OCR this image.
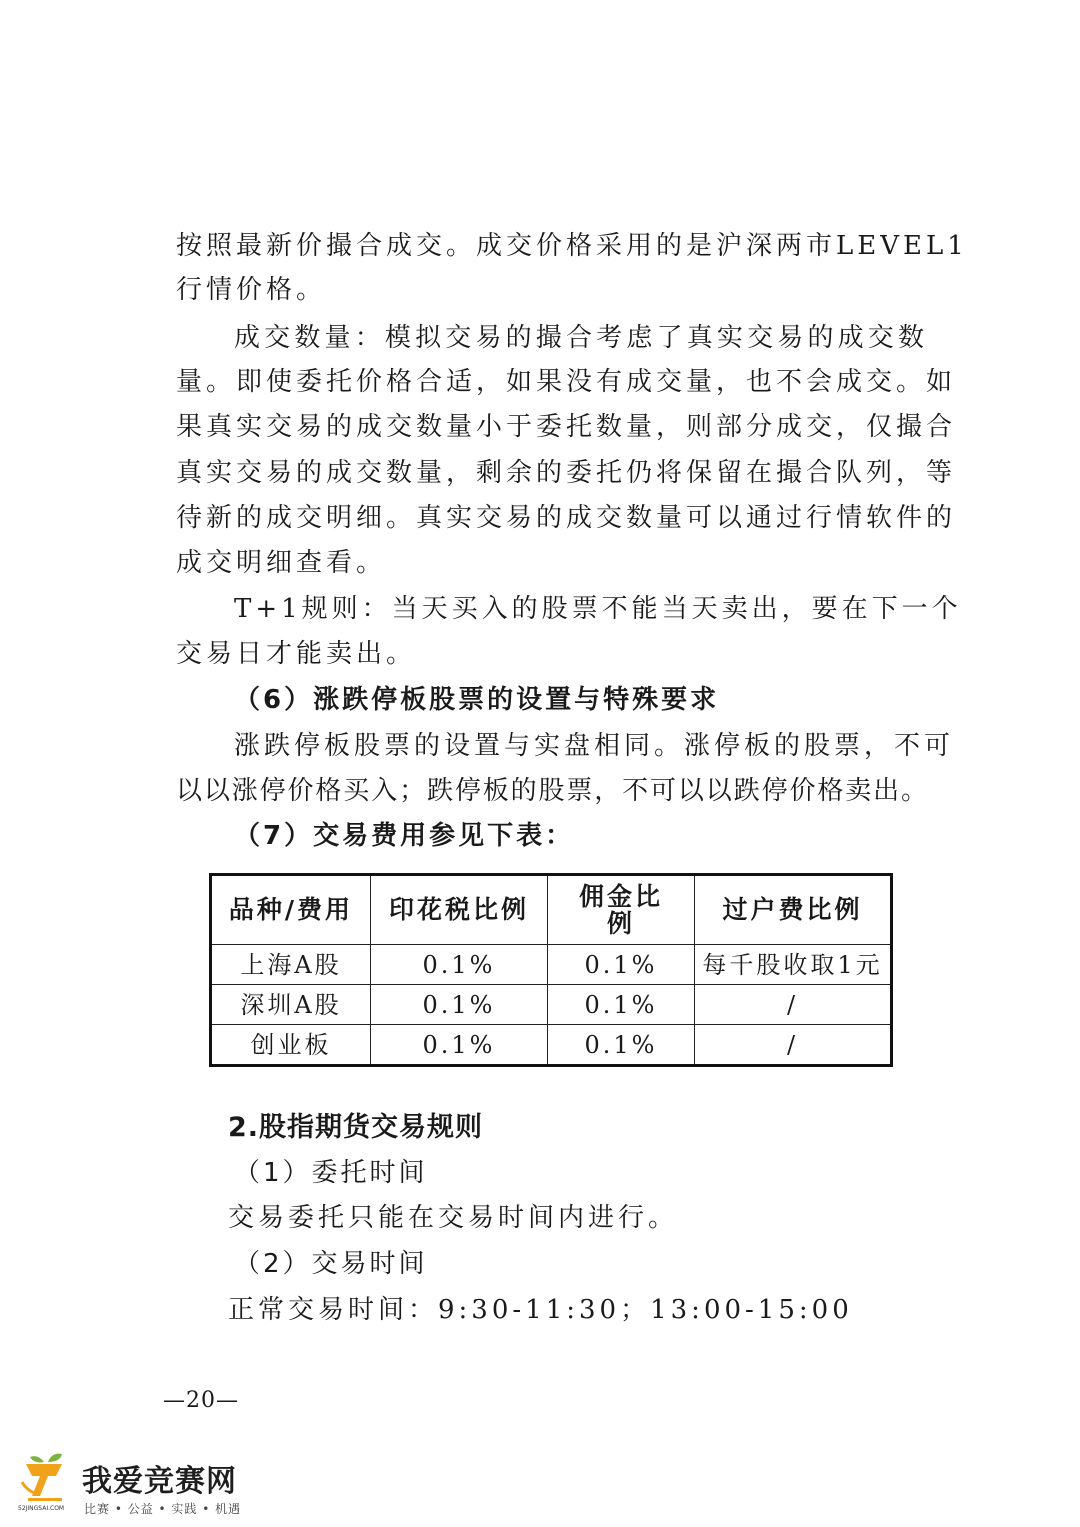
按照最新价撮合成交。成交价格采用的是沪深两市LEVEL1
行情价格。
成交数量：模拟交易的撮合考虑了真实交易的成交数
量。即使委托价格合适，如果没有成交量，也不会成交。如
果真实交易的成交数量小于委托数量，则部分成交，仅撮合
真实交易的成交数量，剩余的委托仍将保留在撮合队列，等
待新的成交明细。真实交易的成交数量可以通过行情软件的
成交明细查看。
T+1规则：当天买入的股票不能当天卖出，要在下一个
交易日才能卖出。
（6）涨跌停板股票的设置与特殊要求
涨跌停板股票的设置与实盘相同。涨停板的股票，不可
以以涨停价格买入；跌停板的股票，不可以以跌停价格卖出。
（7）交易费用参见下表：
品种/费用	印花税比例	佣金比例	过户费比例
上海A股	0.1%	0.1%	每千股收取1元
深圳A股	0.1%	0.1%	/
创业板	0.1%	0.1%	/
2.股指期货交易规则
（1）委托时间
交易委托只能在交易时间内进行。
（2）交易时间
正常交易时间：9:30-11:30；13:00-15:00
—20—
我爱竞赛网
52JINGSAI.COM 比赛 • 公益 • 实践 • 机遇
